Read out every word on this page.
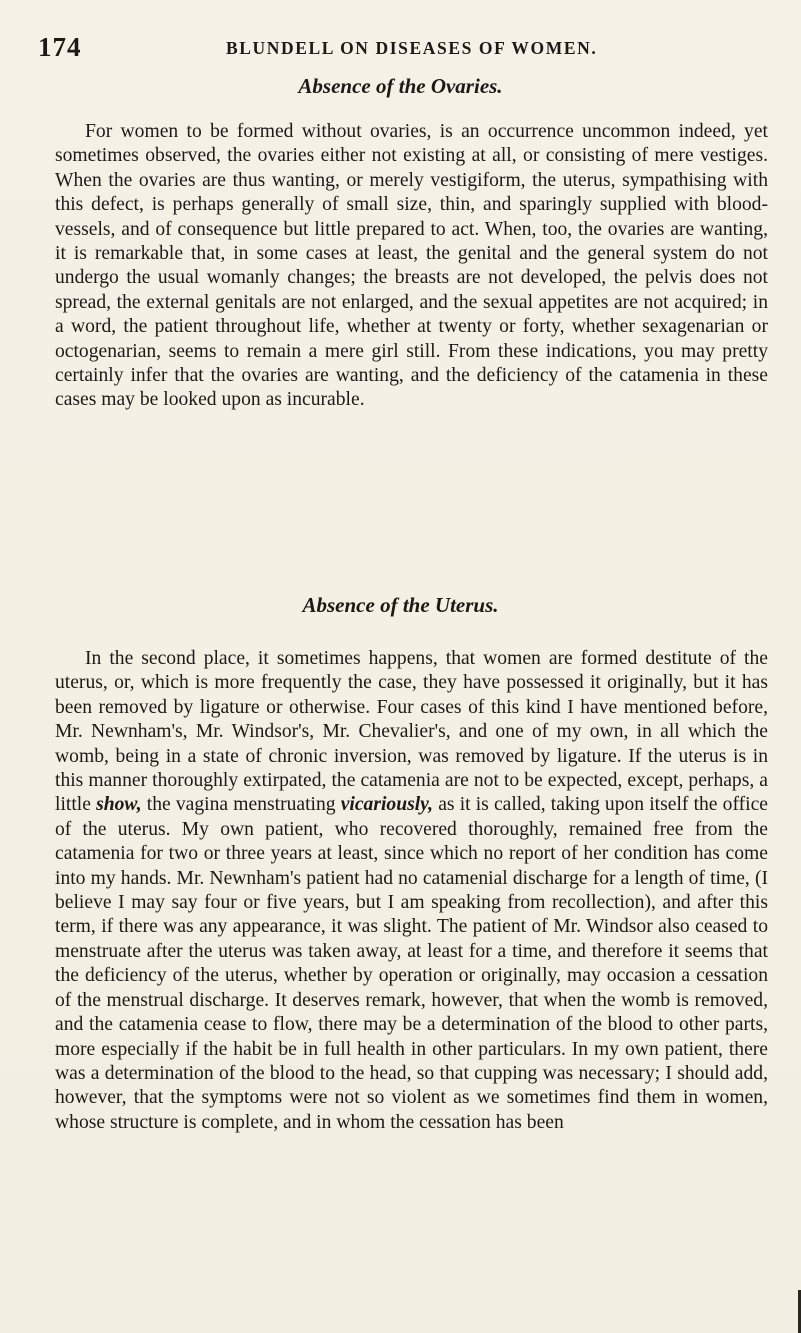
174	BLUNDELL ON DISEASES OF WOMEN.
Absence of the Ovaries.

For women to be formed without ovaries, is an occurrence uncommon indeed, yet sometimes observed, the ovaries either not existing at all, or consisting of mere vestiges. When the ovaries are thus wanting, or merely vestigiform, the uterus, sympathising with this defect, is perhaps generally of small size, thin, and sparingly supplied with blood-vessels, and of consequence but little prepared to act. When, too, the ovaries are wanting, it is remarkable that, in some cases at least, the genital and the general system do not undergo the usual womanly changes; the breasts are not developed, the pelvis does not spread, the external genitals are not enlarged, and the sexual appetites are not acquired; in a word, the patient throughout life, whether at twenty or forty, whether sexagenarian or octogenarian, seems to remain a mere girl still. From these indications, you may pretty certainly infer that the ovaries are wanting, and the deficiency of the catamenia in these cases may be looked upon as incurable.

Absence of the Uterus.

In the second place, it sometimes happens, that women are formed destitute of the uterus, or, which is more frequently the case, they have possessed it originally, but it has been removed by ligature or otherwise. Four cases of this kind I have mentioned before, Mr. Newnham's, Mr. Windsor's, Mr. Chevalier's, and one of my own, in all which the womb, being in a state of chronic inversion, was removed by ligature. If the uterus is in this manner thoroughly extirpated, the catamenia are not to be expected, except, perhaps, a little show, the vagina menstruating vicariously, as it is called, taking upon itself the office of the uterus. My own patient, who recovered thoroughly, remained free from the catamenia for two or three years at least, since which no report of her condition has come into my hands. Mr. Newnham's patient had no catamenial discharge for a length of time, (I believe I may say four or five years, but I am speaking from recollection), and after this term, if there was any appearance, it was slight. The patient of Mr. Windsor also ceased to menstruate after the uterus was taken away, at least for a time, and therefore it seems that the deficiency of the uterus, whether by operation or originally, may occasion a cessation of the menstrual discharge. It deserves remark, however, that when the womb is removed, and the catamenia cease to flow, there may be a determination of the blood to other parts, more especially if the habit be in full health in other particulars. In my own patient, there was a determination of the blood to the head, so that cupping was necessary; I should add, however, that the symptoms were not so violent as we sometimes find them in women, whose structure is complete, and in whom the cessation has been
